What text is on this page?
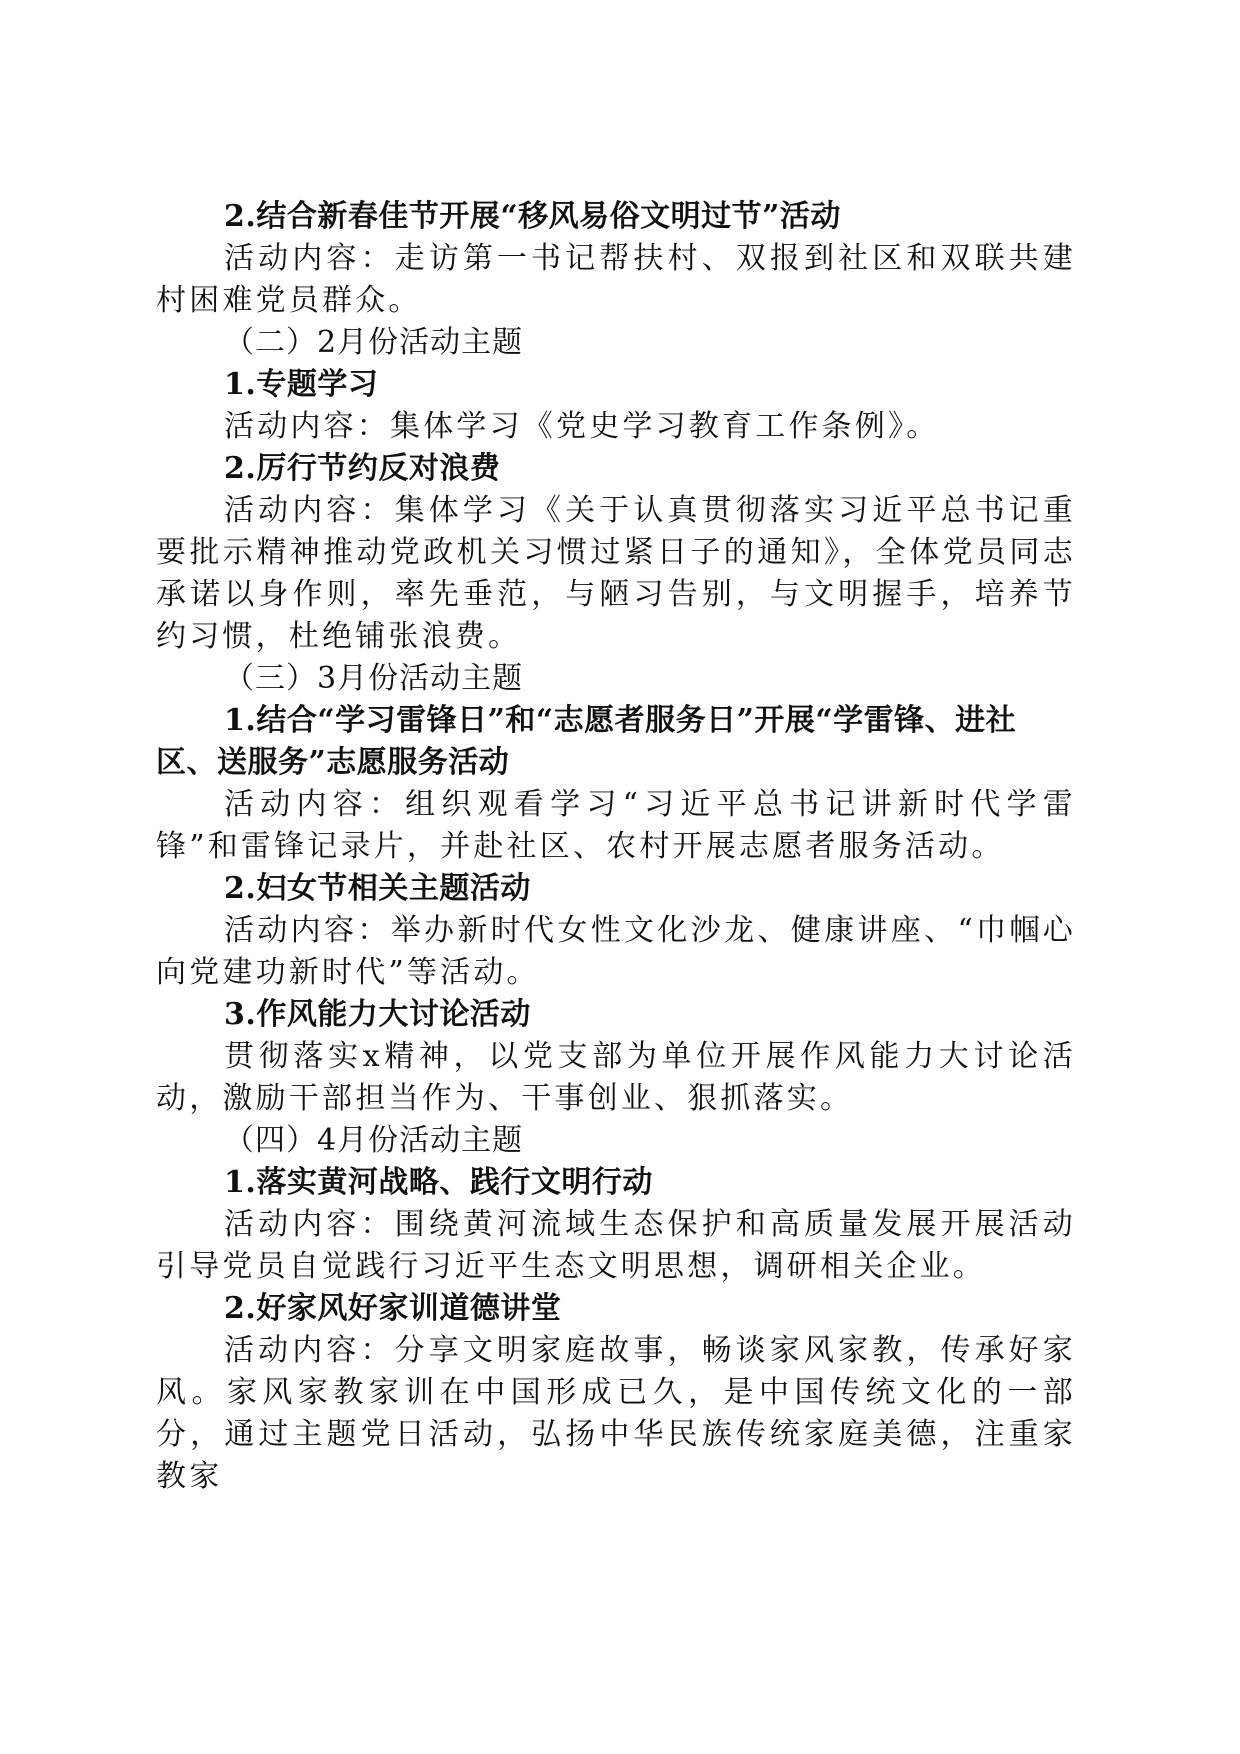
2.结合新春佳节开展“移风易俗文明过节”活动

活动内容：走访第一书记帮扶村、双报到社区和双联共建村困难党员群众。

（二）2月份活动主题

1.专题学习

活动内容：集体学习《党史学习教育工作条例》。

2.厉行节约反对浪费

活动内容：集体学习《关于认真贯彻落实习近平总书记重要批示精神推动党政机关习惯过紧日子的通知》，全体党员同志承诺以身作则，率先垂范，与陋习告别，与文明握手，培养节约习惯，杜绝铺张浪费。

（三）3月份活动主题

1.结合“学习雷锋日”和“志愿者服务日”开展“学雷锋、进社区、送服务”志愿服务活动

活动内容：组织观看学习“习近平总书记讲新时代学雷锋”和雷锋记录片，并赴社区、农村开展志愿者服务活动。

2.妇女节相关主题活动

活动内容：举办新时代女性文化沙龙、健康讲座、“巾帼心向党建功新时代”等活动。

3.作风能力大讨论活动

贯彻落实x精神，以党支部为单位开展作风能力大讨论活动，激励干部担当作为、干事创业、狠抓落实。

（四）4月份活动主题

1.落实黄河战略、践行文明行动

活动内容：围绕黄河流域生态保护和高质量发展开展活动引导党员自觉践行习近平生态文明思想，调研相关企业。

2.好家风好家训道德讲堂

活动内容：分享文明家庭故事，畅谈家风家教，传承好家风。家风家教家训在中国形成已久，是中国传统文化的一部分，通过主题党日活动，弘扬中华民族传统家庭美德，注重家教家
